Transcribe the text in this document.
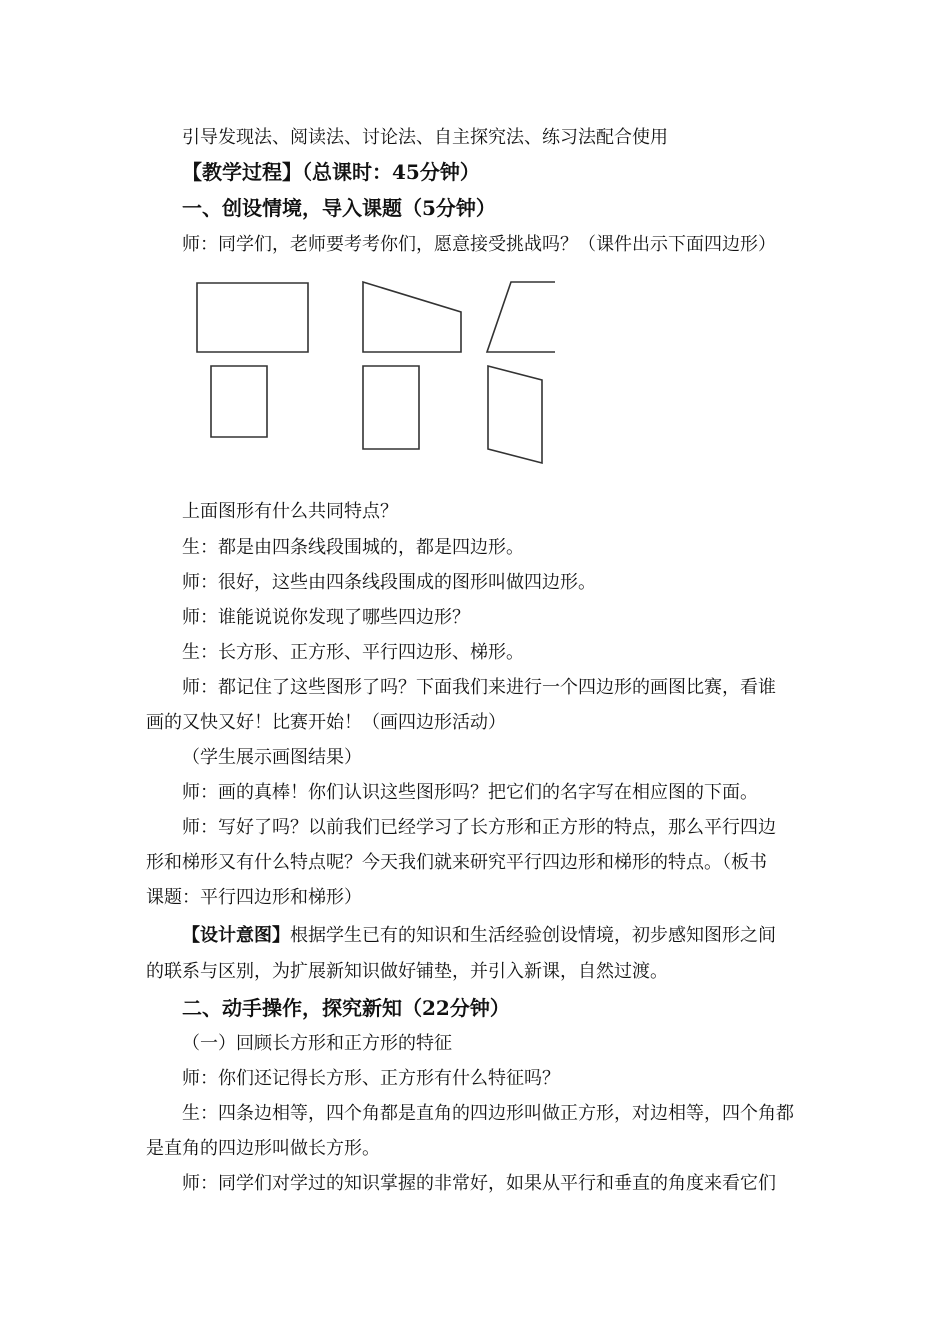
引导发现法、阅读法、讨论法、自主探究法、练习法配合使用
【教学过程】（总课时：45分钟）
一、创设情境，导入课题（5分钟）
师：同学们，老师要考考你们，愿意接受挑战吗？（课件出示下面四边形）
上面图形有什么共同特点？
生：都是由四条线段围城的，都是四边形。
师：很好，这些由四条线段围成的图形叫做四边形。
师：谁能说说你发现了哪些四边形？
生：长方形、正方形、平行四边形、梯形。
师：都记住了这些图形了吗？下面我们来进行一个四边形的画图比赛，看谁
画的又快又好！比赛开始！（画四边形活动）
（学生展示画图结果）
师：画的真棒！你们认识这些图形吗？把它们的名字写在相应图的下面。
师：写好了吗？以前我们已经学习了长方形和正方形的特点，那么平行四边
形和梯形又有什么特点呢？今天我们就来研究平行四边形和梯形的特点。（板书
课题：平行四边形和梯形）
【设计意图】根据学生已有的知识和生活经验创设情境，初步感知图形之间
的联系与区别，为扩展新知识做好铺垫，并引入新课，自然过渡。
二、动手操作，探究新知（22分钟）
（一）回顾长方形和正方形的特征
师：你们还记得长方形、正方形有什么特征吗？
生：四条边相等，四个角都是直角的四边形叫做正方形，对边相等，四个角都
是直角的四边形叫做长方形。
师：同学们对学过的知识掌握的非常好，如果从平行和垂直的角度来看它们
